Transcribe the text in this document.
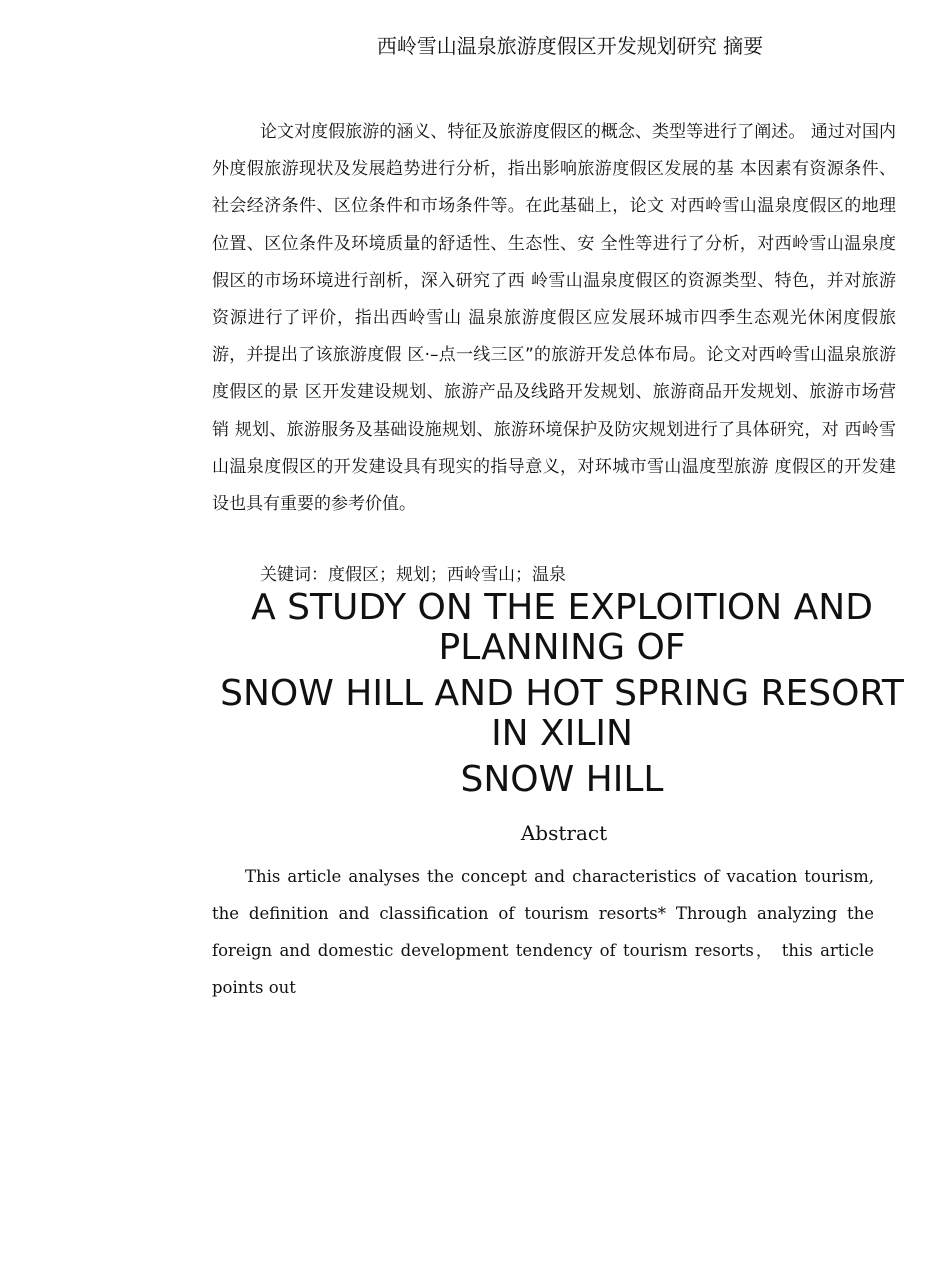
西岭雪山温泉旅游度假区开发规划研究 摘要

论文对度假旅游的涵义、特征及旅游度假区的概念、类型等进行了阐述。 通过对国内外度假旅游现状及发展趋势进行分析，指出影响旅游度假区发展的基 本因素有资源条件、社会经济条件、区位条件和市场条件等。在此基础上，论文 对西岭雪山温泉度假区的地理位置、区位条件及环境质量的舒适性、生态性、安 全性等进行了分析，对西岭雪山温泉度假区的市场环境进行剖析，深入研究了西 岭雪山温泉度假区的资源类型、特色，并对旅游资源进行了评价，指出西岭雪山 温泉旅游度假区应发展环城市四季生态观光休闲度假旅游，并提出了该旅游度假 区·–点一线三区”的旅游开发总体布局。论文对西岭雪山温泉旅游度假区的景 区开发建设规划、旅游产品及线路开发规划、旅游商品开发规划、旅游市场营销 规划、旅游服务及基础设施规划、旅游环境保护及防灾规划进行了具体研究，对 西岭雪山温泉度假区的开发建设具有现实的指导意义，对环城市雪山温度型旅游 度假区的开发建设也具有重要的参考价值。

关键词：度假区；规划；西岭雪山；温泉
A STUDY ON THE EXPLOITION AND PLANNING OF
SNOW HILL AND HOT SPRING RESORT IN XILIN
SNOW HILL
Abstract

This article analyses the concept and characteristics of vacation tourism, the definition and classification of tourism resorts* Through analyzing the foreign and domestic development tendency of tourism resorts， this article points out
